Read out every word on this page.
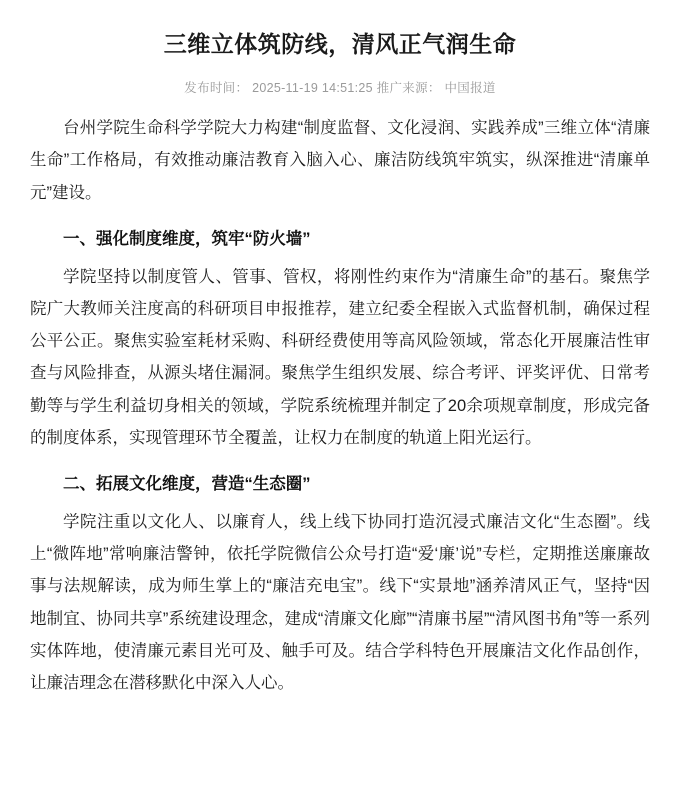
三维立体筑防线，清风正气润生命
发布时间： 2025-11-19 14:51:25 推广来源： 中国报道

台州学院生命科学学院大力构建“制度监督、文化浸润、实践养成”三维立体“清廉生命”工作格局，有效推动廉洁教育入脑入心、廉洁防线筑牢筑实，纵深推进“清廉单元”建设。

一、强化制度维度，筑牢“防火墙”

学院坚持以制度管人、管事、管权，将刚性约束作为“清廉生命”的基石。聚焦学院广大教师关注度高的科研项目申报推荐，建立纪委全程嵌入式监督机制，确保过程公平公正。聚焦实验室耗材采购、科研经费使用等高风险领域，常态化开展廉洁性审查与风险排查，从源头堵住漏洞。聚焦学生组织发展、综合考评、评奖评优、日常考勤等与学生利益切身相关的领域，学院系统梳理并制定了20余项规章制度，形成完备的制度体系，实现管理环节全覆盖，让权力在制度的轨道上阳光运行。

二、拓展文化维度，营造“生态圈”

学院注重以文化人、以廉育人，线上线下协同打造沉浸式廉洁文化“生态圈”。线上“微阵地”常响廉洁警钟，依托学院微信公众号打造“爱‘廉’说”专栏，定期推送廉廉故事与法规解读，成为师生掌上的“廉洁充电宝”。线下“实景地”涵养清风正气，坚持“因地制宜、协同共享”系统建设理念，建成“清廉文化廊”“清廉书屋”“清风图书角”等一系列实体阵地，使清廉元素目光可及、触手可及。结合学科特色开展廉洁文化作品创作，让廉洁理念在潜移默化中深入人心。
